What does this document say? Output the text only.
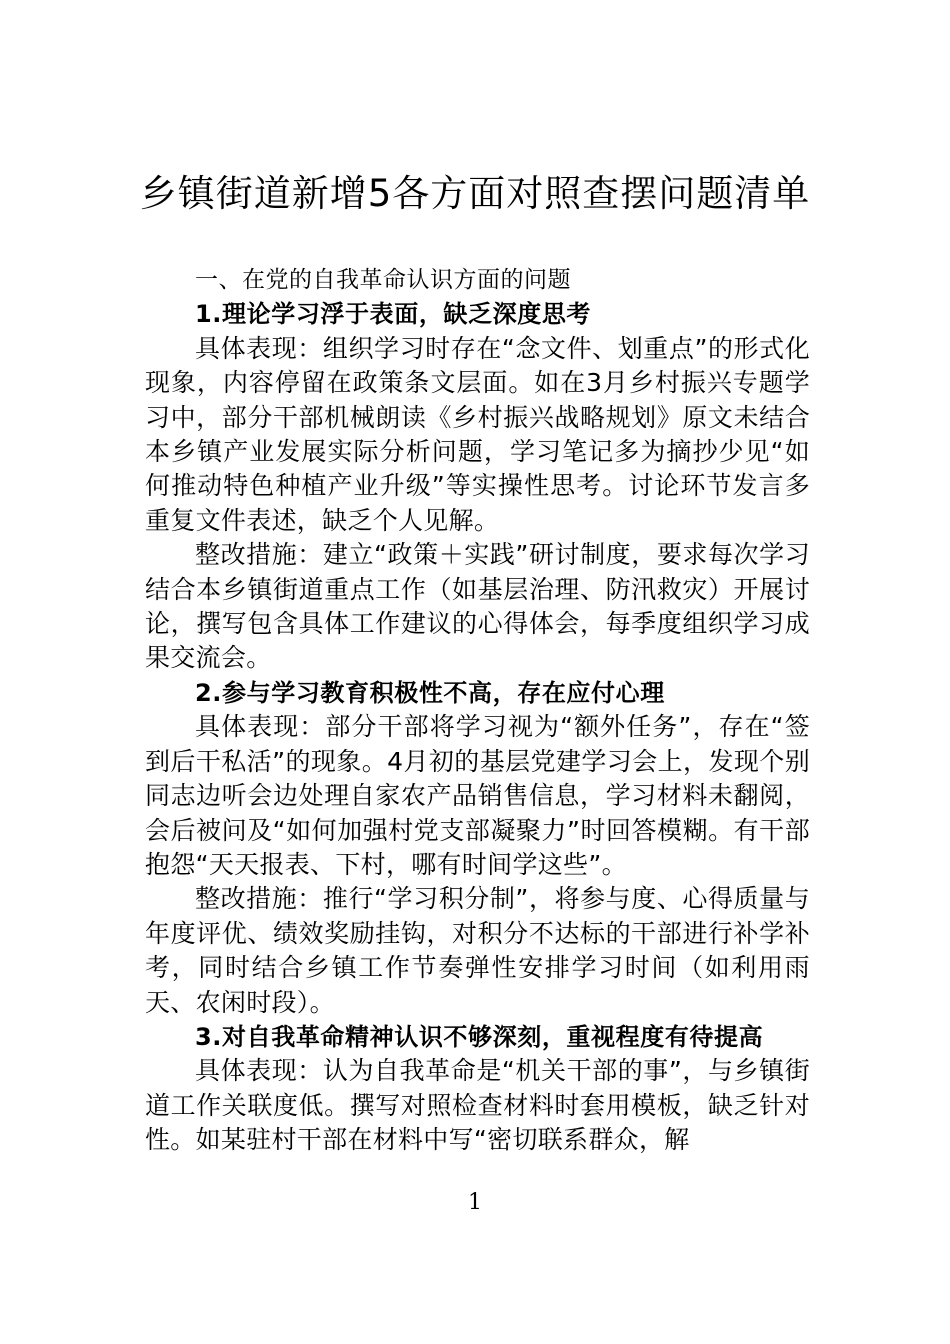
乡镇街道新增5各方面对照查摆问题清单

一、在党的自我革命认识方面的问题

1.理论学习浮于表面，缺乏深度思考

具体表现：组织学习时存在“念文件、划重点”的形式化现象，内容停留在政策条文层面。如在3月乡村振兴专题学习中，部分干部机械朗读《乡村振兴战略规划》原文未结合本乡镇产业发展实际分析问题，学习笔记多为摘抄少见“如何推动特色种植产业升级”等实操性思考。讨论环节发言多重复文件表述，缺乏个人见解。

整改措施：建立“政策＋实践”研讨制度，要求每次学习结合本乡镇街道重点工作（如基层治理、防汛救灾）开展讨论，撰写包含具体工作建议的心得体会，每季度组织学习成果交流会。

2.参与学习教育积极性不高，存在应付心理

具体表现：部分干部将学习视为“额外任务”，存在“签到后干私活”的现象。4月初的基层党建学习会上，发现个别同志边听会边处理自家农产品销售信息，学习材料未翻阅，会后被问及“如何加强村党支部凝聚力”时回答模糊。有干部抱怨“天天报表、下村，哪有时间学这些”。

整改措施：推行“学习积分制”，将参与度、心得质量与年度评优、绩效奖励挂钩，对积分不达标的干部进行补学补考，同时结合乡镇工作节奏弹性安排学习时间（如利用雨天、农闲时段）。

3.对自我革命精神认识不够深刻，重视程度有待提高

具体表现：认为自我革命是“机关干部的事”，与乡镇街道工作关联度低。撰写对照检查材料时套用模板，缺乏针对性。如某驻村干部在材料中写“密切联系群众，解

1
